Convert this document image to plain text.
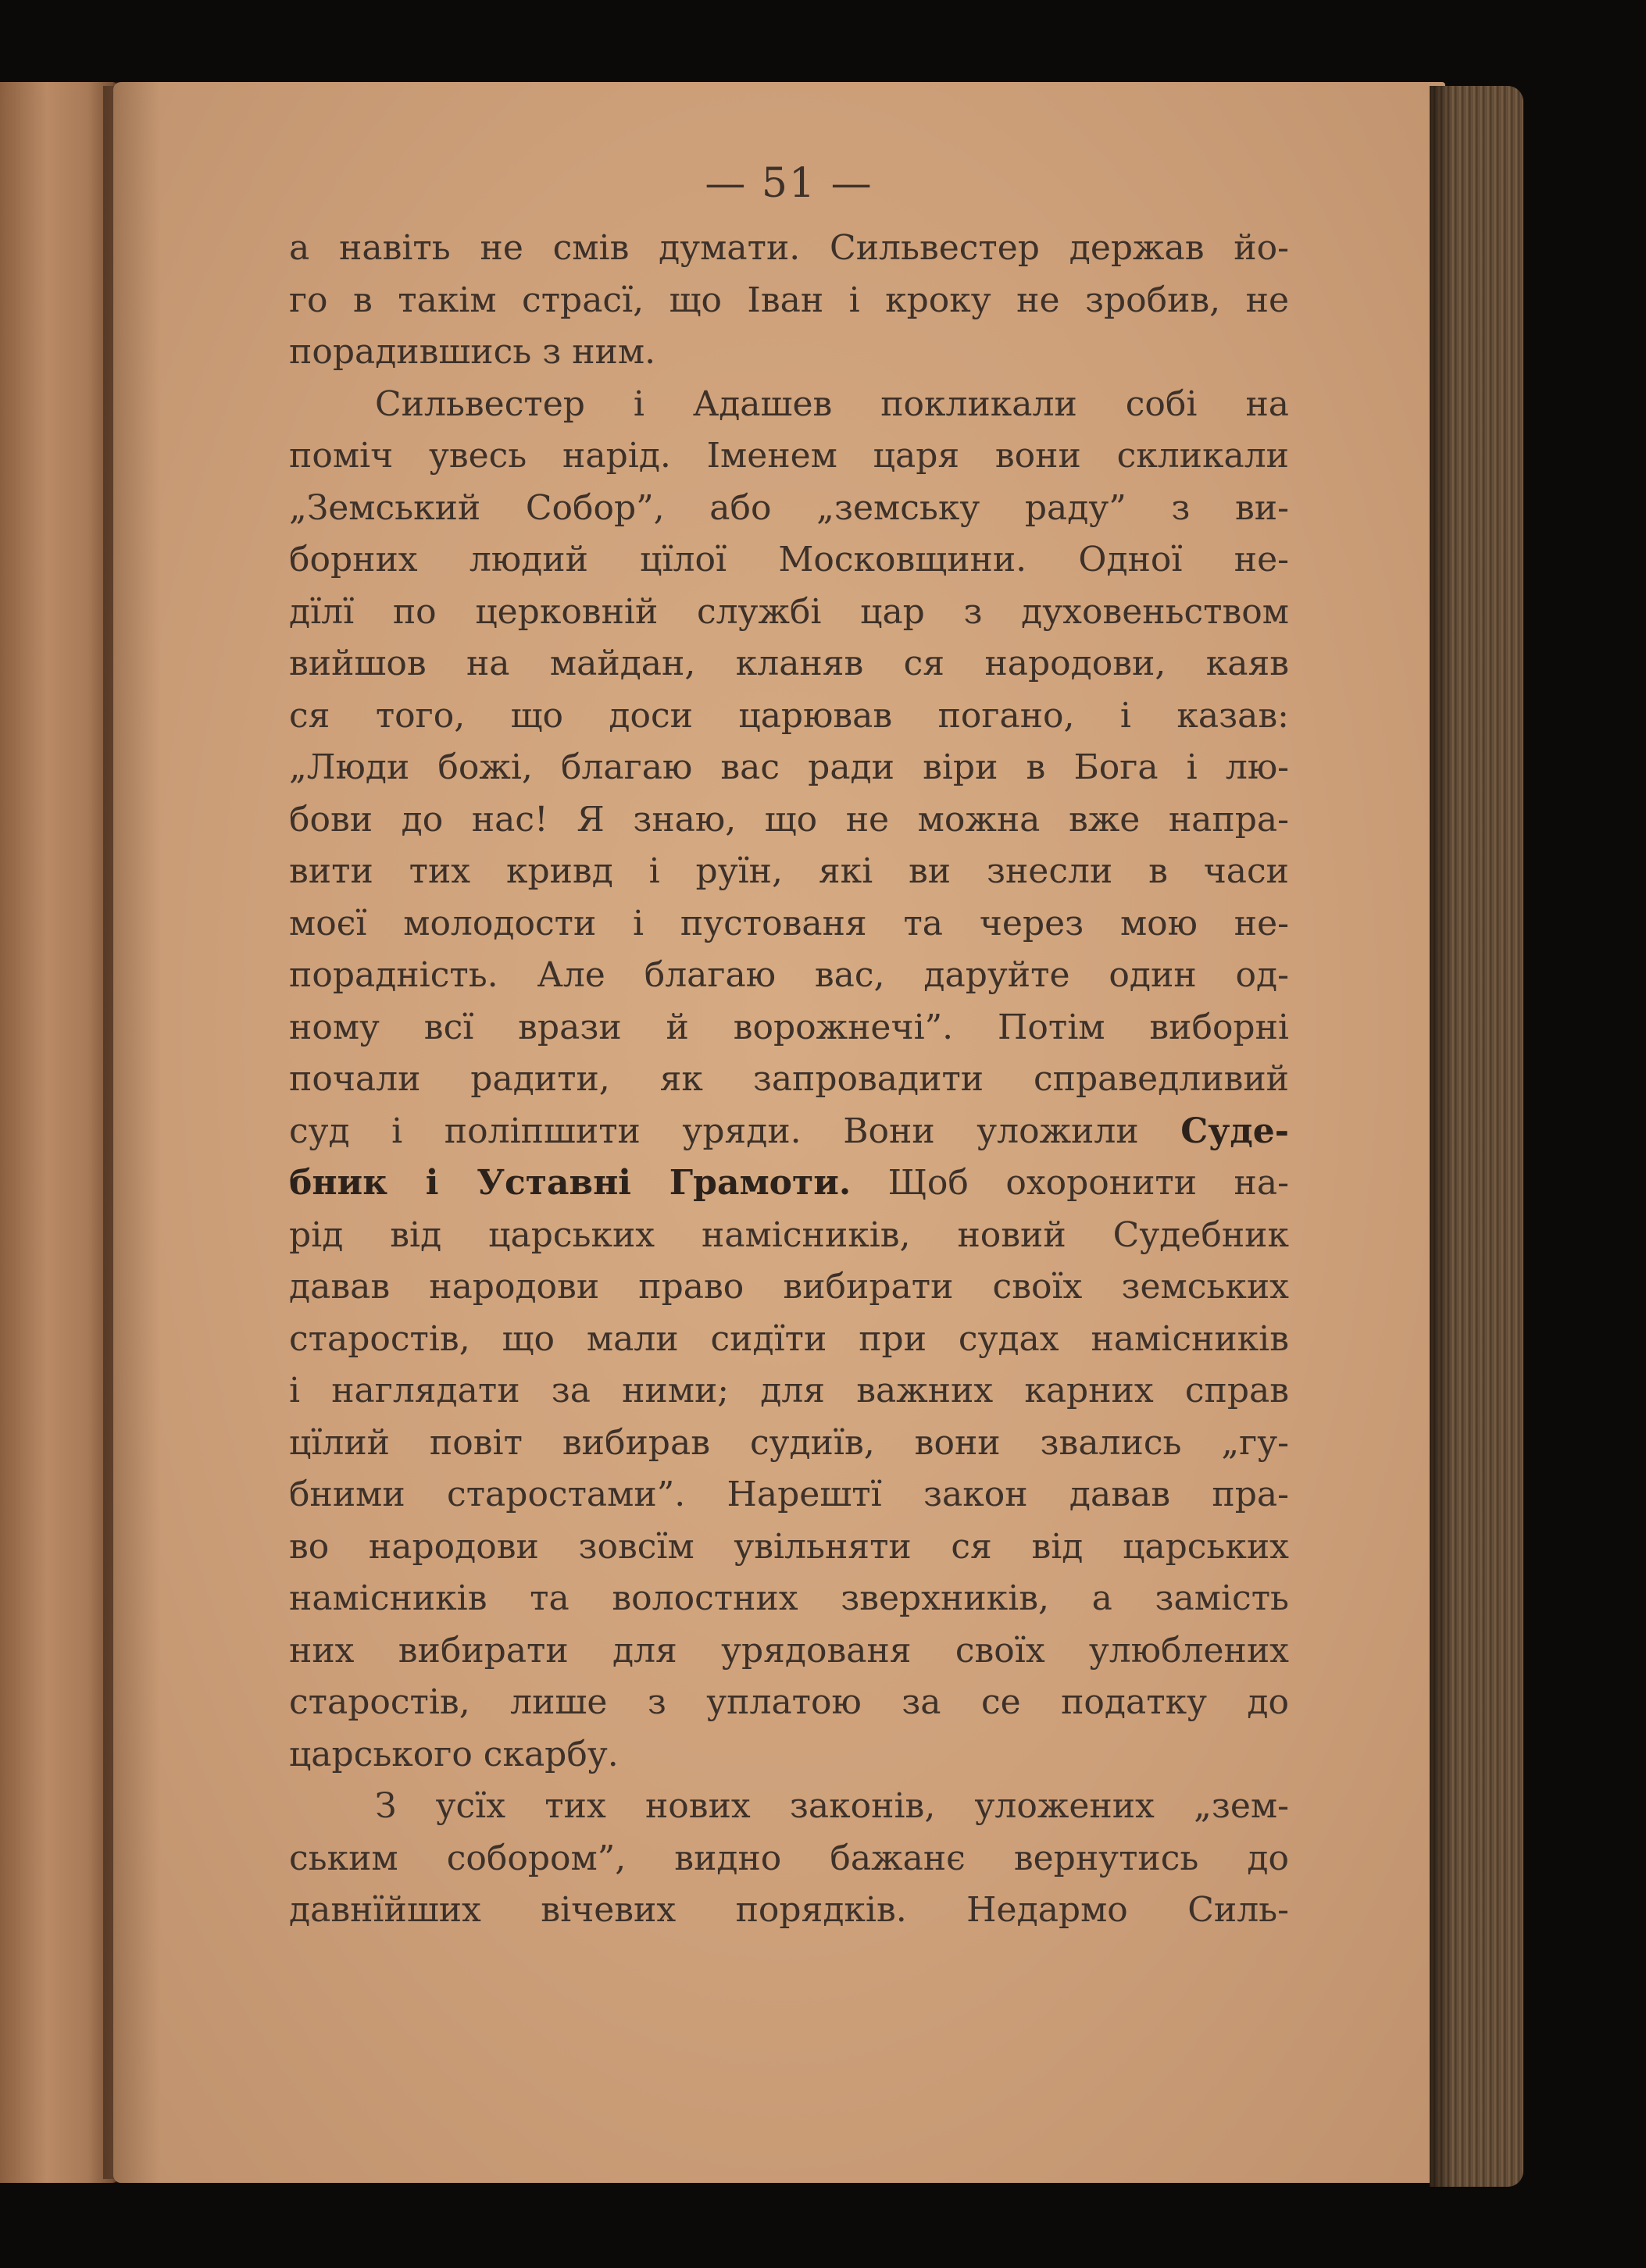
— 51 —
а навіть не смів думати. Сильвестер держав йо-
го в такім страсї, що Іван і кроку не зробив, не
порадившись з ним.
Сильвестер і Адашев покликали собі на
поміч увесь нарід. Іменем царя вони скликали
„Земський Собор”, або „земську раду” з ви-
борних людий цїлої Московщини. Одної не-
дїлї по церковній службі цар з духовеньством
вийшов на майдан, кланяв ся народови, каяв
ся того, що доси царював погано, і казав:
„Люди божі, благаю вас ради віри в Бога і лю-
бови до нас! Я знаю, що не можна вже напра-
вити тих кривд і руїн, які ви знесли в часи
моєї молодости і пустованя та через мою не-
порадність. Але благаю вас, даруйте один од-
ному всї врази й ворожнечі”. Потім виборні
почали радити, як запровадити справедливий
суд і поліпшити уряди. Вони уложили Суде-
бник і Уставні Грамоти. Щоб охоронити на-
рід від царських намісників, новий Судебник
давав народови право вибирати своїх земських
старостів, що мали сидїти при судах намісників
і наглядати за ними; для важних карних справ
цїлий повіт вибирав судиїв, вони звались „гу-
бними старостами”. Нарештї закон давав пра-
во народови зовсїм увільняти ся від царських
намісників та волостних зверхників, а замість
них вибирати для урядованя своїх улюблених
старостів, лише з уплатою за се податку до
царського скарбу.
З усїх тих нових законів, уложених „зем-
ським собором”, видно бажанє вернутись до
давнїйших вічевих порядків. Недармо Силь-
